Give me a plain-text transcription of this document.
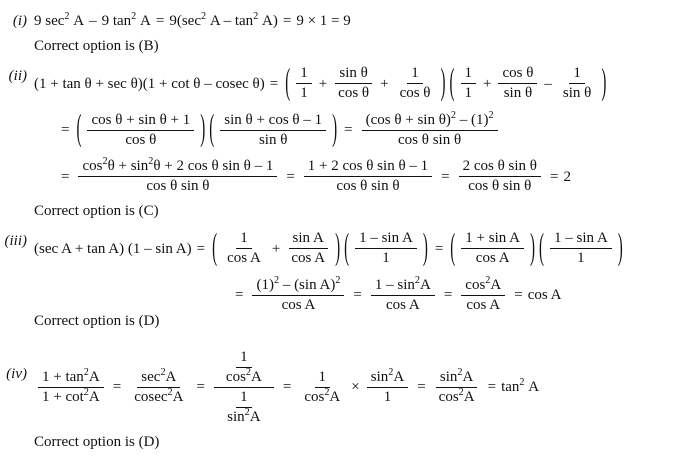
(i) 9 $\sec^2 A - 9$ $\tan^2 A = 9(\sec^2$ $A - \tan^2 A) = 9 \times 1 = 9$
Correct option is (B)
(ii) (1 + tan θ + sec θ)(1 + cot θ – cosec θ) = ( $\frac{1}{1} + \frac{\text{sin θ}}{\text{cos θ}} + \frac{1}{\text{cos θ}}$ ) ( $\frac{1}{1} + \frac{\text{cos θ}}{\text{sin θ}} - \frac{1}{\text{sin θ}}$ )
= ( $\frac{\text{cos θ + sin θ + 1}}{\text{cos θ}}$ ) ( $\frac{\text{sin θ + cos θ – 1}}{\text{sin θ}}$ ) = $\frac{(\cos \theta + \sin \theta)^2 - (1)^2}{\text{cos θ sin θ}}$
= $\frac{\cos^2\theta + \sin^2\theta + 2 \cos \theta \sin \theta - 1}{\text{cos θ sin θ}} = \frac{\text{1 + 2 cos θ sin θ – 1}}{\text{cos θ sin θ}} = \frac{\text{2 cos θ sin θ}}{\text{cos θ sin θ}} = 2$
Correct option is (C)
(iii) (sec A + tan A) (1 – sin A) = ( $\frac{1}{\text{cos A}} + \frac{\text{sin A}}{\text{cos A}}$ ) ( $\frac{\text{1 – sin A}}{1}$ ) = ( $\frac{\text{1 + sin A}}{\text{cos A}}$ ) ( $\frac{\text{1 – sin A}}{1}$ )
= $\frac{(1)^2 - (\sin A)^2}{\text{cos A}} = \frac{1 - \sin^2A}{\text{cos A}} = \frac{\cos^2A}{\text{cos A}} = \cos A$
Correct option is (D)
$(iv) \frac{1 + \tan^2A}{1 + \cot^2A} = \frac{\sec^2A}{cosec^2A} = \frac{\frac{1}{\cos^2A}}{\frac{1}{\sin^2A}} = \frac{1}{\cos^2A} \times \frac{\sin^2A}{1} = \frac{\sin^2A}{\cos^2A} = \tan^2 A$
Correct option is (D)
